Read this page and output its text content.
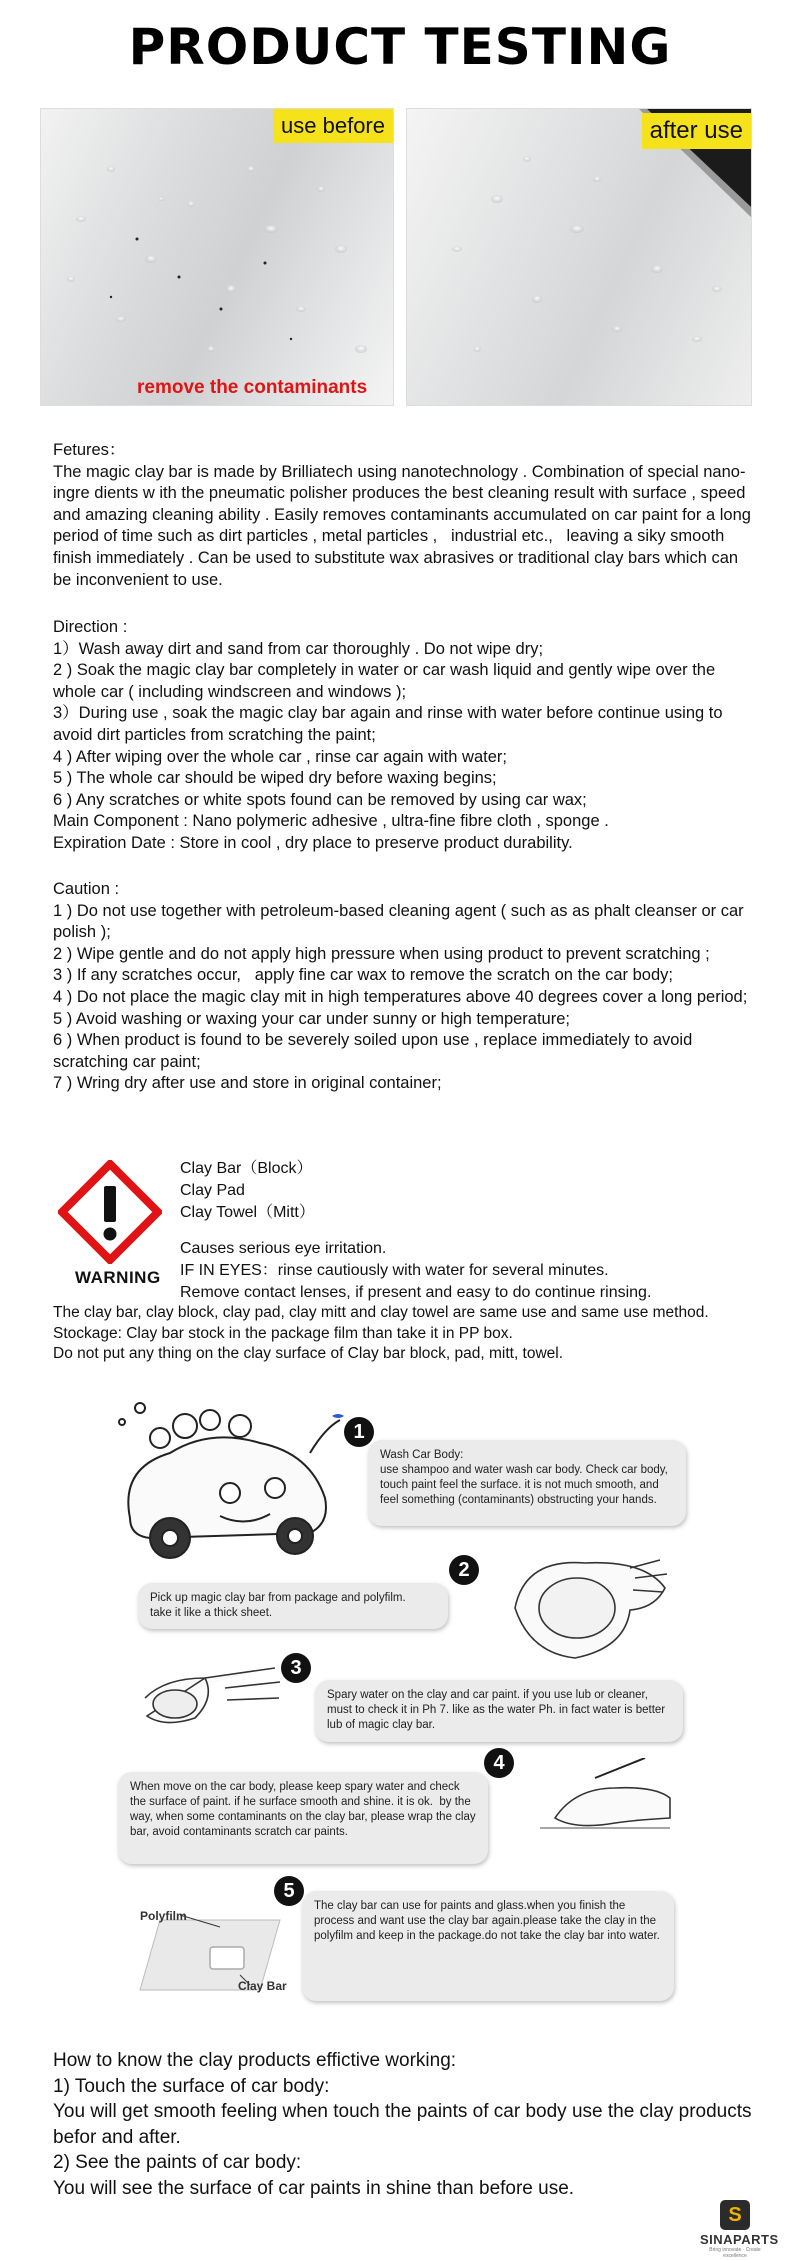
PRODUCT TESTING
use before
remove the contaminants
after use

Fetures：

The magic clay bar is made by Brilliatech using nanotechnology . Combination of special nano-ingre dients w ith the pneumatic polisher produces the best cleaning result with surface , speed and amazing cleaning ability . Easily removes contaminants accumulated on car paint for a long period of time such as dirt particles , metal particles ,   industrial etc.,   leaving a siky smooth finish immediately . Can be used to substitute wax abrasives or traditional clay bars which can be inconvenient to use.

Direction :

1）Wash away dirt and sand from car thoroughly . Do not wipe dry;

2 ) Soak the magic clay bar completely in water or car wash liquid and gently wipe over the whole car ( including windscreen and windows );

3）During use , soak the magic clay bar again and rinse with water before continue using to avoid dirt particles from scratching the paint;

4 ) After wiping over the whole car , rinse car again with water;

5 ) The whole car should be wiped dry before waxing begins;

6 ) Any scratches or white spots found can be removed by using car wax;

Main Component : Nano polymeric adhesive , ultra-fine fibre cloth , sponge .

Expiration Date : Store in cool , dry place to preserve product durability.

Caution :

1 ) Do not use together with petroleum-based cleaning agent ( such as as phalt cleanser or car polish );

2 ) Wipe gentle and do not apply high pressure when using product to prevent scratching ;

3 ) If any scratches occur,   apply fine car wax to remove the scratch on the car body;

4 ) Do not place the magic clay mit in high temperatures above 40 degrees cover a long period;

5 ) Avoid washing or waxing your car under sunny or high temperature;

6 ) When product is found to be severely soiled upon use , replace immediately to avoid scratching car paint;

7 ) Wring dry after use and store in original container;

WARNING

Clay Bar（Block）

Clay Pad

Clay Towel（Mitt）

Causes serious eye irritation.

IF IN EYES：rinse cautiously with water for several minutes.

Remove contact lenses, if present and easy to do continue rinsing.

The clay bar, clay block, clay pad, clay mitt and clay towel are same use and same use method.

Stockage: Clay bar stock in the package film than take it in PP box.

Do not put any thing on the clay surface of Clay bar block, pad, mitt, towel.

Polyfilm
Clay Bar
1
Wash Car Body:
use shampoo and water wash car body. Check car body, touch paint feel the surface. it is not much smooth, and feel something (contaminants) obstructing your hands.
2
Pick up magic clay bar from package and polyfilm.
take it like a thick sheet.
3
Spary water on the clay and car paint. if you use lub or cleaner, must to check it in Ph 7. like as the water Ph. in fact water is better lub of magic clay bar.
4
When move on the car body, please keep spary water and check the surface of paint. if he surface smooth and shine. it is ok.  by the way, when some contaminants on the clay bar, please wrap the clay bar, avoid contaminants scratch car paints.
5
The clay bar can use for paints and glass.when you finish the process and want use the clay bar again.please take the clay in the polyfilm and keep in the package.do not take the clay bar into water.

How to know the clay products effictive working:

1) Touch the surface of car body:

You will get smooth feeling when touch the paints of car body use the clay products befor and after.

2) See the paints of car body:

You will see the surface of car paints in shine than before use.

S
SINAPARTS
Bring innovate · Create excellence
